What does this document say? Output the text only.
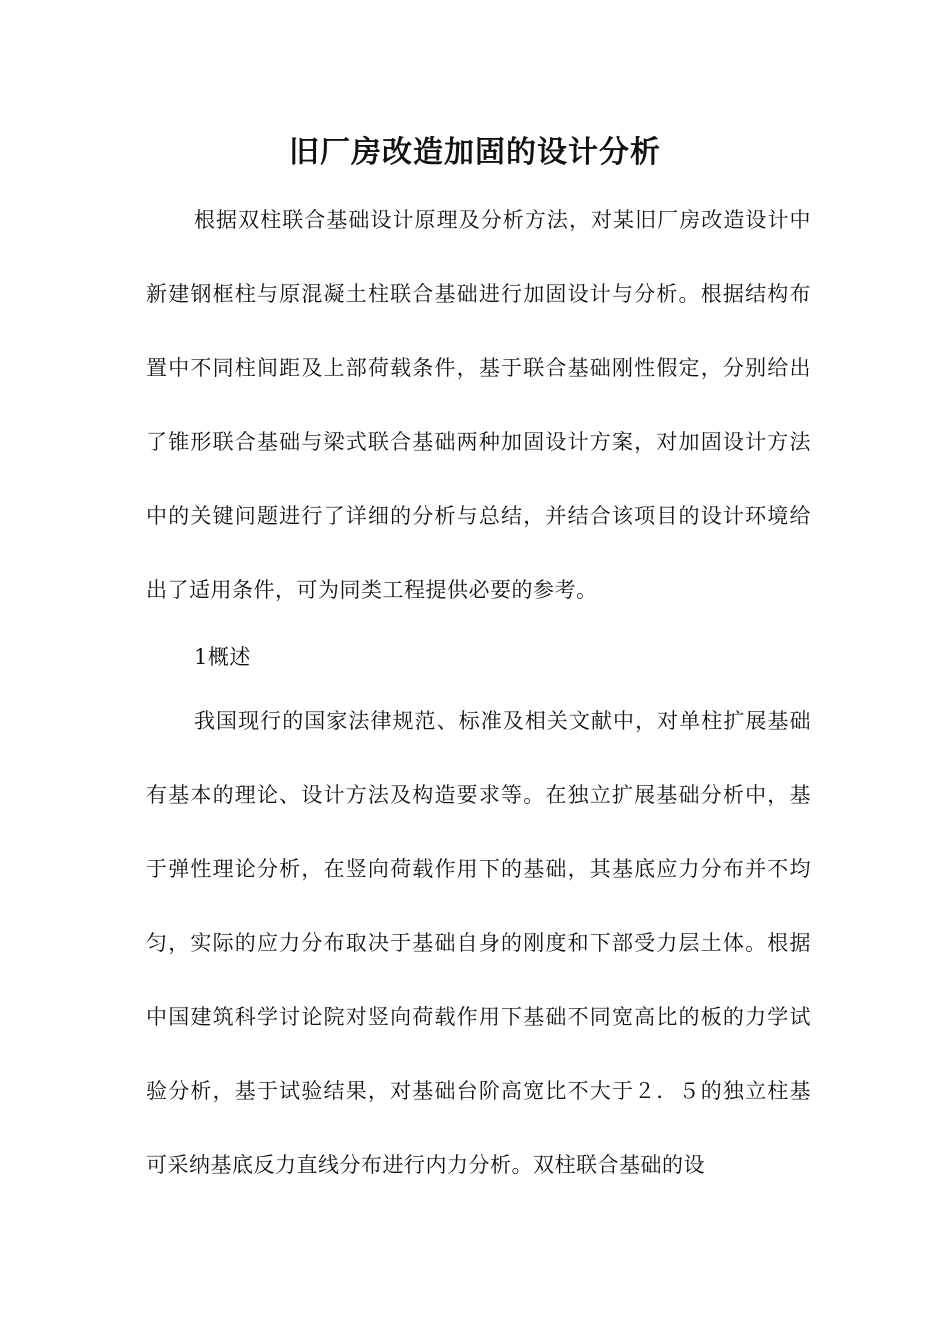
旧厂房改造加固的设计分析

根据双柱联合基础设计原理及分析方法，对某旧厂房改造设计中新建钢框柱与原混凝土柱联合基础进行加固设计与分析。根据结构布置中不同柱间距及上部荷载条件，基于联合基础刚性假定，分别给出了锥形联合基础与梁式联合基础两种加固设计方案，对加固设计方法中的关键问题进行了详细的分析与总结，并结合该项目的设计环境给出了适用条件，可为同类工程提供必要的参考。

1概述

我国现行的国家法律规范、标准及相关文献中，对单柱扩展基础有基本的理论、设计方法及构造要求等。在独立扩展基础分析中，基于弹性理论分析，在竖向荷载作用下的基础，其基底应力分布并不均匀，实际的应力分布取决于基础自身的刚度和下部受力层土体。根据中国建筑科学讨论院对竖向荷载作用下基础不同宽高比的板的力学试验分析，基于试验结果，对基础台阶高宽比不大于２．５的独立柱基可采纳基底反力直线分布进行内力分析。双柱联合基础的设
